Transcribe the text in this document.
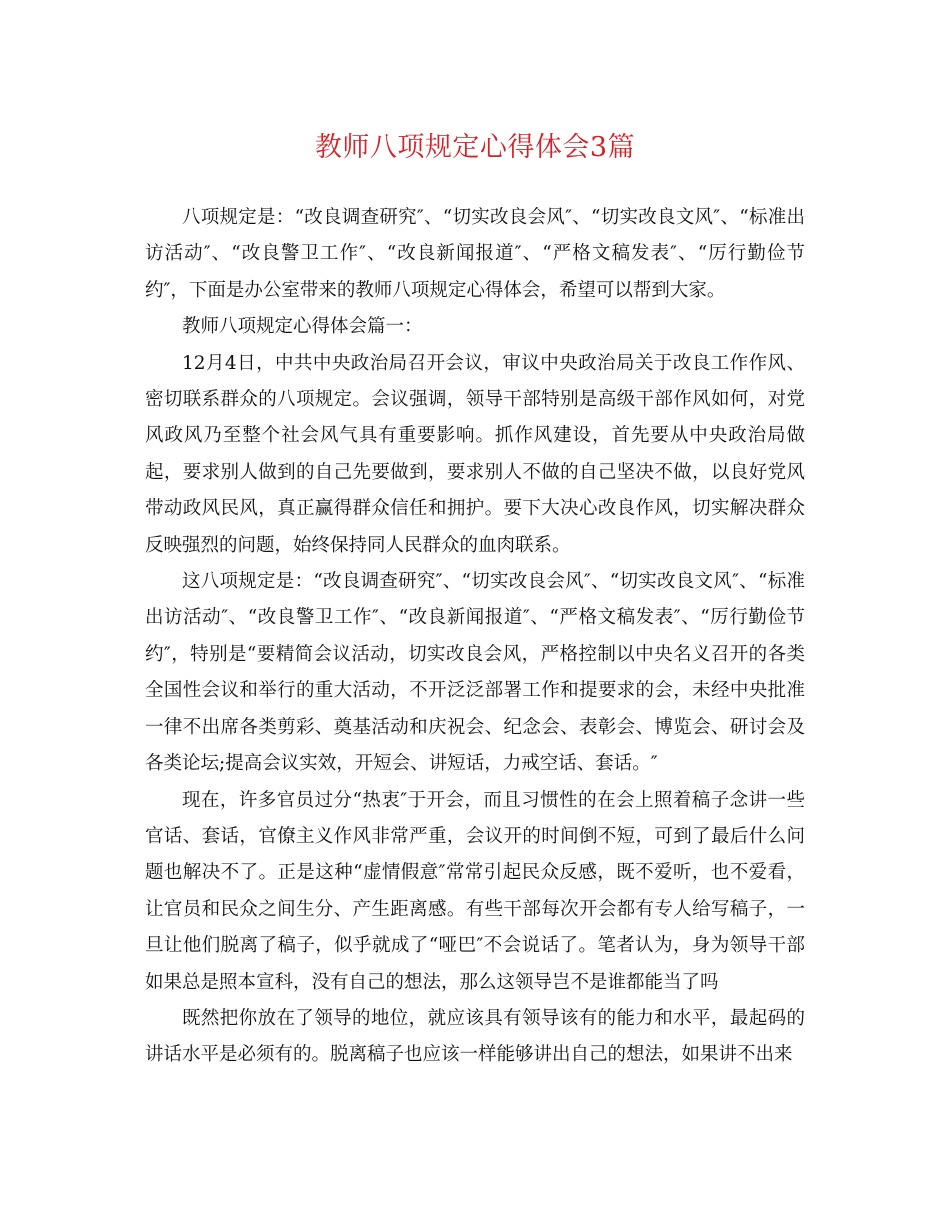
教师八项规定心得体会3篇

八项规定是：“改良调查研究″、“切实改良会风″、“切实改良文风″、“标准出访活动″、“改良警卫工作″、“改良新闻报道″、“严格文稿发表″、“厉行勤俭节约″，下面是办公室带来的教师八项规定心得体会，希望可以帮到大家。

教师八项规定心得体会篇一：

12月4日，中共中央政治局召开会议，审议中央政治局关于改良工作作风、密切联系群众的八项规定。会议强调，领导干部特别是高级干部作风如何，对党风政风乃至整个社会风气具有重要影响。抓作风建设，首先要从中央政治局做起，要求别人做到的自己先要做到，要求别人不做的自己坚决不做，以良好党风带动政风民风，真正赢得群众信任和拥护。要下大决心改良作风，切实解决群众反映强烈的问题，始终保持同人民群众的血肉联系。

这八项规定是：“改良调查研究″、“切实改良会风″、“切实改良文风″、“标准出访活动″、“改良警卫工作″、“改良新闻报道″、“严格文稿发表″、“厉行勤俭节约″，特别是“要精简会议活动，切实改良会风，严格控制以中央名义召开的各类全国性会议和举行的重大活动，不开泛泛部署工作和提要求的会，未经中央批准一律不出席各类剪彩、奠基活动和庆祝会、纪念会、表彰会、博览会、研讨会及各类论坛;提高会议实效，开短会、讲短话，力戒空话、套话。″

现在，许多官员过分“热衷″于开会，而且习惯性的在会上照着稿子念讲一些官话、套话，官僚主义作风非常严重，会议开的时间倒不短，可到了最后什么问题也解决不了。正是这种“虚情假意″常常引起民众反感，既不爱听，也不爱看，让官员和民众之间生分、产生距离感。有些干部每次开会都有专人给写稿子，一旦让他们脱离了稿子，似乎就成了“哑巴″不会说话了。笔者认为，身为领导干部如果总是照本宣科，没有自己的想法，那么这领导岂不是谁都能当了吗

既然把你放在了领导的地位，就应该具有领导该有的能力和水平，最起码的讲话水平是必须有的。脱离稿子也应该一样能够讲出自己的想法，如果讲不出来
